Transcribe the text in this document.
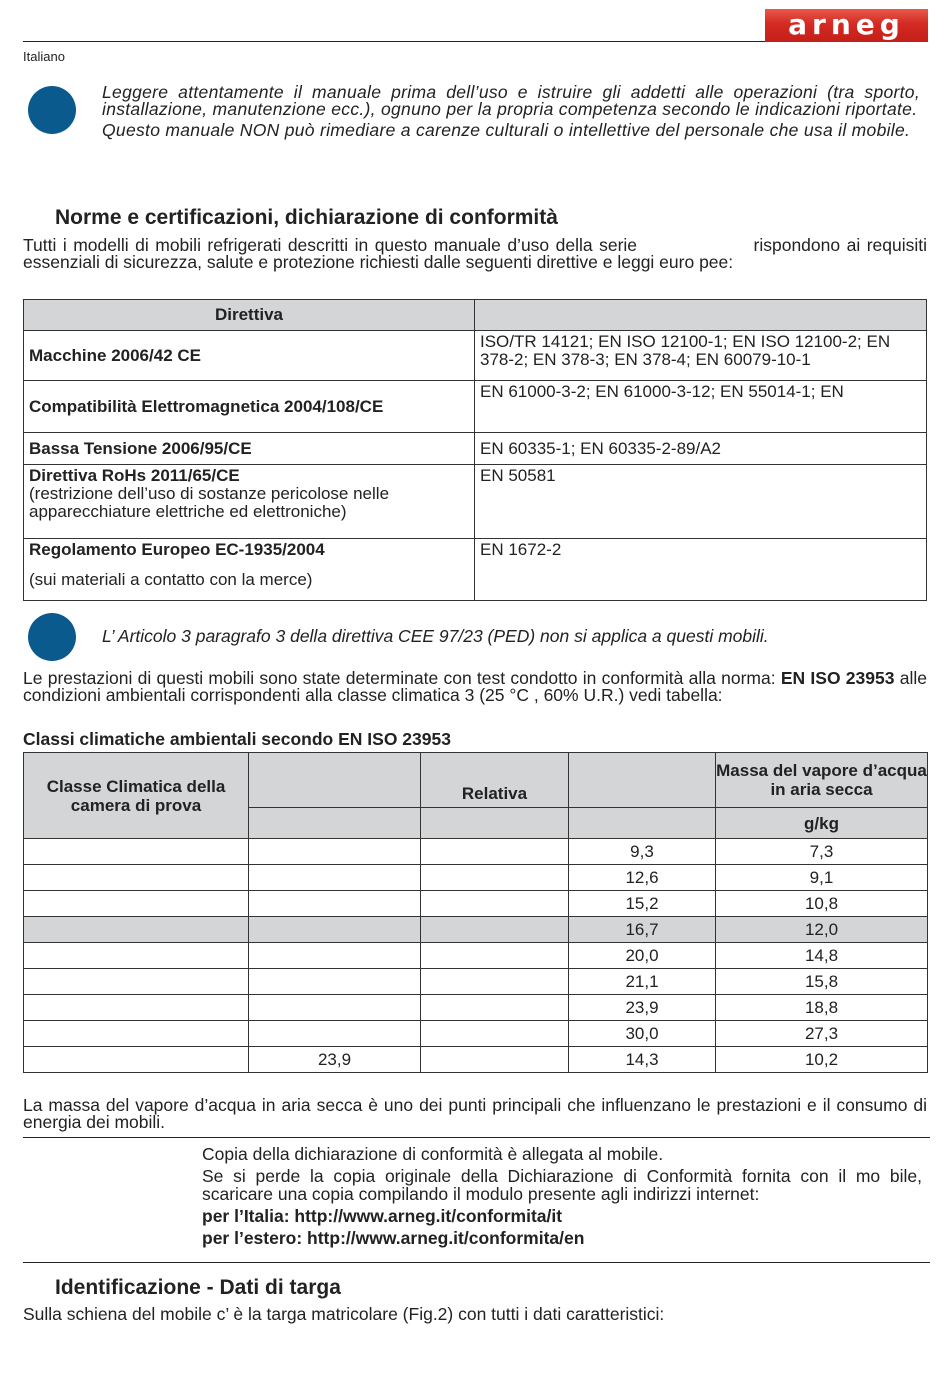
arneg
Italiano

Leggere attentamente il manuale prima dell’uso e istruire gli addetti alle operazioni (tra sporto, installazione, manutenzione ecc.), ognuno per la propria competenza secondo le indicazioni riportate.

Questo manuale NON può rimediare a carenze culturali o intellettive del personale che usa il mobile.

Norme e certificazioni, dichiarazione di conformità
Tutti i modelli di mobili refrigerati descritti in questo manuale d’uso della serie	rispondono ai requisiti essenziali di sicurezza, salute e protezione richiesti dalle seguenti direttive e leggi euro pee:
Direttiva	
Macchine 2006/42 CE	ISO/TR 14121; EN ISO 12100-1; EN ISO 12100-2; EN 378-2; EN 378-3; EN 378-4; EN 60079-10-1
Compatibilità Elettromagnetica 2004/108/CE	EN 61000-3-2; EN 61000-3-12; EN 55014-1; EN
Bassa Tensione 2006/95/CE	EN 60335-1; EN 60335-2-89/A2

Direttiva RoHs 2011/65/CE
(restrizione dell’uso di sostanze pericolose nelle apparecchiature elettriche ed elettroniche)	EN 50581

Regolamento Europeo EC-1935/2004
(sui materiali a contatto con la merce)	EN 1672-2
L’ Articolo 3 paragrafo 3 della direttiva CEE 97/23 (PED) non si applica a questi mobili.
Le prestazioni di questi mobili sono state determinate con test condotto in conformità alla norma: EN ISO 23953 alle condizioni ambientali corrispondenti alla classe climatica 3 (25 °C , 60% U.R.) vedi tabella:
Classi climatiche ambientali secondo EN ISO 23953
Classe Climatica della camera di prova		Relativa		Massa del vapore d’acqua in aria secca
				g/kg
			9,3	7,3
			12,6	9,1
			15,2	10,8
			16,7	12,0
			20,0	14,8
			21,1	15,8
			23,9	18,8
			30,0	27,3
	23,9		14,3	10,2
La massa del vapore d’acqua in aria secca è uno dei punti principali che influenzano le prestazioni e il consumo di energia dei mobili.

Copia della dichiarazione di conformità è allegata al mobile.

Se si perde la copia originale della Dichiarazione di Conformità fornita con il mo bile, scaricare una copia compilando il modulo presente agli indirizzi internet:

per l’Italia: http://www.arneg.it/conformita/it

per l’estero: http://www.arneg.it/conformita/en

Identificazione - Dati di targa
Sulla schiena del mobile c’ è la targa matricolare (Fig.2) con tutti i dati caratteristici:
